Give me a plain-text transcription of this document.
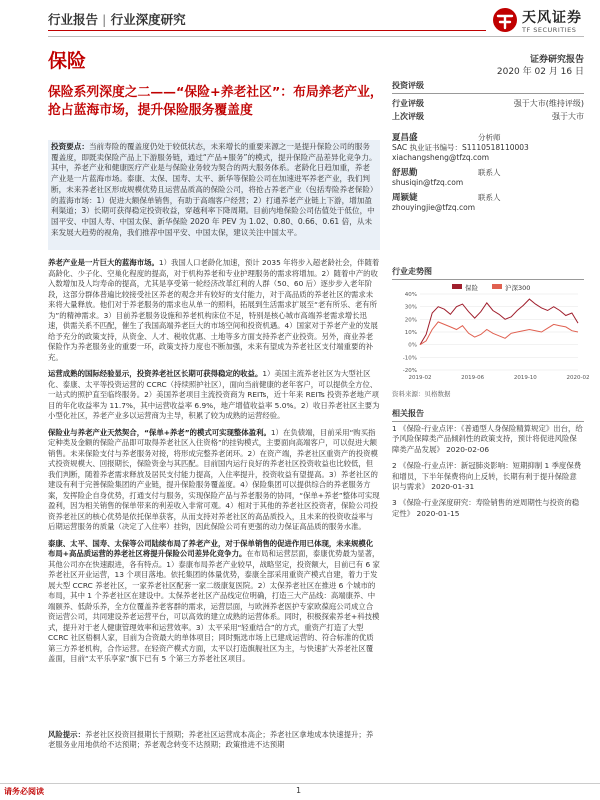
行业报告 | 行业深度研究	天风证券
TF SECURITIES
保险	证券研究报告
2020 年 02 月 16 日
保险系列深度之二——“保险+养老社区”：布局养老产业，抢占蓝海市场，提升保险服务覆盖度
投资要点：当前寿险的覆盖度仍处于较低状态，未来增长的重要来源之一是提升保险公司的服务覆盖度，即既卖保险产品上下游服务链，通过“产品+服务”的模式，提升保险产品差异化竞争力。其中，养老产业和健康医疗产业是与保险业务较为契合的两大服务体系。老龄化日趋加重，养老产业是一片蓝海市场。泰康、太保、国寿、太平、新华等保险公司在加速进军养老产业，我们判断，未来养老社区形成规模优势且运营品质高的保险公司，将抢占养老产业（包括寿险养老保险）的蓝海市场：1）促进大额保单销售，有助于高端客户经营；2）打通养老产业链上下游，增加盈利渠道；3）长期可获得稳定投资收益，穿越利率下降周期。目前内地保险公司估值处于低位，中国平安、中国人寿、中国太保、新华保险 2020 年 PEV 为 1.02、0.80、0.66、0.61 倍，从未来发展大趋势的视角，我们推荐中国平安、中国太保，建议关注中国太平。

养老产业是一片巨大的蓝海市场。1）我国人口老龄化加速，预计 2035 年将步入超老龄社会，伴随着高龄化、少子化、空巢化程度的提高，对于机构养老和专业护理服务的需求将增加。2）随着中产的收入数增加及人均寿命的提高，尤其是享受第一轮经济改革红利的人群（50、60 后）逐步步入老年阶段，这部分群体普遍比较接受社区养老的观念并有较好的支付能力，对于高品质的养老社区的需求未来将大量释放。他们对于养老服务的需求也从单一的照料，拓展到生活需求扩展至“老有所乐、老有所为”的精神需求。3）目前养老服务设施和养老机构床位不足，特别是核心城市高端养老需求增长迅速，供需关系不匹配，催生了我国高端养老巨大的市场空间和投资机遇。4）国家对于养老产业的发展给予充分的政策支持，从资金、人才、税收优惠、土地等多方面支持养老产业投资。另外，商业养老保险作为养老服务业的重要一环，政策支持力度也不断加强，未来有望成为养老社区支付端重要的补充。

运营成熟的国际经验显示，投资养老社区长期可获得稳定的收益。1）美国主流养老社区为大型社区化、泰康、太平等投资运营的 CCRC（持续照护社区），面向当前健康的老年客户，可以提供全方位、一站式的照护直至临终服务。2）美国养老项目主流投资商为 REITs，近十年来 REITs 投资养老地产项目的年化收益率为 11.7%，其中运营收益率 6.9%，地产增值收益率 5.0%。2）收日养老社区主要为小型化社区，养老产业多以运营商为主导，积累了较为成熟的运营经验。

保险业与养老产业天然契合，“保单+养老”的模式可实现整体盈利。1）在负债端，目前采用“购买指定种类及金额的保险产品即可取得养老社区入住资格”的挂钩模式，主要面向高端客户，可以促进大额销售。未来保险支付与养老服务对接，将形成完整养老闭环。2）在资产端，养老社区重资产的投资模式投资规模大、回报期长，保险资金与其匹配。目前国内运行良好的养老社区投资收益也比较低，但我们判断，随着养老需求释放及居民支付能力提高，入住率提升，投资收益有望提高。3）养老社区的建设有利于完善保险集团的产业链，提升保险服务覆盖度。4）保险集团可以提供综合的养老服务方案，发挥险企自身优势，打通支付与服务，实现保险产品与养老服务的协同，“保单+养老”整体可实现盈利，因为相关销售的保单带来的利差收入非常可观。4）相对于其他的养老社区投资者，保险公司投资养老社区的核心优势是依托保单获客，从而支持对养老社区的高品质投入，且未来的投资收益率与后期运营服务的质量（决定了入住率）挂钩，因此保险公司有更强的动力保证高品质的服务水准。

泰康、太平、国寿、太保等公司陆续布局了养老产业，对于保单销售的促进作用已体现，未来规模化布局+高品质运营的养老社区将提升保险公司差异化竞争力。在布局和运营层面，泰康优势最为显著，其他公司亦在快速跟进，各有特点。1）泰康布局养老产业较早，战略坚定，投资额大，目前已有 6 家养老社区开业运营，13 个项目落地。依托集团的体量优势，泰康全部采用重资产模式自建，着力于发展大型 CCRC 养老社区，一家养老社区配套一家二级康复医院。2）太保养老社区在推进 6 个城市的布局，其中 1 个养老社区在建设中。太保养老社区产品线定位明确，打造三大产品线：高端康养、中端颐养、低龄乐养，全方位覆盖养老客群的需求，运营层面，与欧洲养老医护专家欧葆庭公司成立合资运营公司，共同建设养老运营平台，可以高效的建立成熟的运营体系。同时，积极探索养老+科技模式，提升对于老人健康管理效率和运营效率。3）太平采用“轻重结合”的方式，重资产打造了大型 CCRC 社区梧桐人家，目前为合资最大的单体项目；同时甄选市场上已建成运营的、符合标准的优质第三方养老机构，合作运营。在轻资产模式方面，太平以打造旗舰社区为主，与快速扩大养老社区覆盖面，目前“太平乐享家”旗下已有 5 个第三方养老社区项目。

风险提示：养老社区投资回报期长于预期；养老社区运营成本高企；养老社区拿地成本快速提升；养老服务业用地供给不达预期；养老观念转变不达预期；政策推进不达预期
投资评级
行业评级	强于大市(维持评级)
上次评级	强于大市
夏昌盛	分析师
SAC 执业证书编号：S1110518110003
xiachangsheng@tfzq.com
舒思勤	联系人
shusiqin@tfzq.com
周颖婕	联系人
zhouyingjie@tfzq.com
行业走势图
保险	沪深300
40%
30%
20%
10%
0%
-10%
-20%
2019-02	2019-06	2019-10	2020-02
资料来源：贝格数据
相关报告
1 《保险-行业点评：《普通型人身保险精算规定》出台，给予风险保障类产品倾斜性的政策支持，预计将促进风险保障类产品发展》 2020-02-06
2 《保险-行业点评：新冠肺炎影响：短期抑制 1 季度保费和增员，下半年保费将向上反转，长期有利于提升保险意识与需求》 2020-01-31
3 《保险-行业深度研究：寿险销售的逆周期性与投资的稳定性》 2020-01-15
请务必阅读	1
